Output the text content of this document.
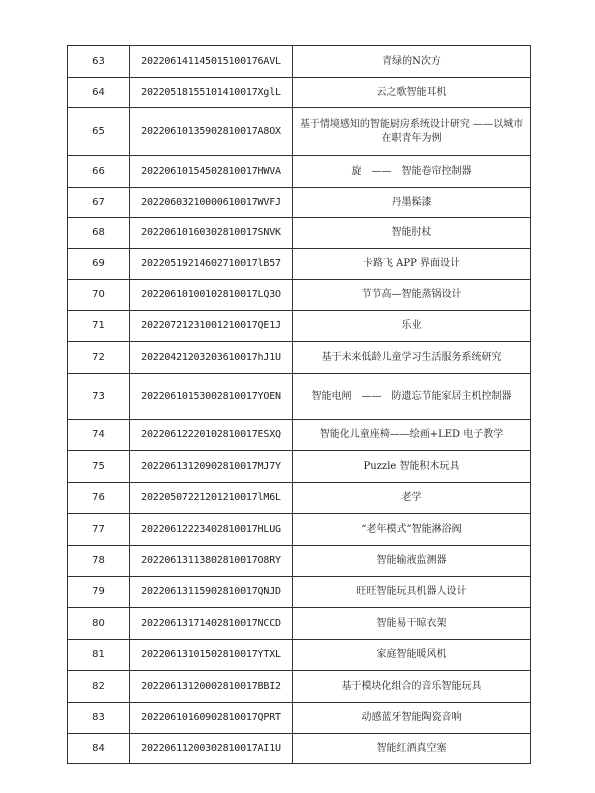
63	20220614114501510017​6AVL	青绿的N次方
64	20220518155101410017XglL	云之歌智能耳机
65	20220610135902810017A8OX	基于情境感知的智能厨房系统设计研究 ——以城市在职青年为例
66	20220610154502810017HWVA	旋　——　智能卷帘控制器
67	20220603210000610017WVFJ	丹墨髹漆
68	20220610160302810017SNVK	智能肘杖
69	20220519214602710017lB57	卡路飞 APP 界面设计
70	20220610100102810017LQ3O	节节高—智能蒸锅设计
71	20220721231001210017QE1J	乐业
72	20220421203203610017hJ1U	基于未来低龄儿童学习生活服务系统研究
73	20220610153002810017YOEN	智能电闸　——　防遗忘节能家居主机控制器
74	20220612220102810017ESXQ	智能化儿童座椅——绘画+LED 电子教学
75	20220613120902810017MJ7Y	Puzzle 智能积木玩具
76	20220507221201210017lM6L	老学
77	20220612223402810017HLUG	“老年模式”智能淋浴阀
78	20220613113802810017O8RY	智能输液监测器
79	20220613115902810017QNJD	旺旺智能玩具机器人设计
80	20220613171402810017NCCD	智能易干晾衣架
81	20220613101502810017YTXL	家庭智能暖风机
82	20220613120002810017BBI2	基于模块化组合的音乐智能玩具
83	20220610160902810017QPRT	动感蓝牙智能陶瓷音响
84	20220611200302810017AI1U	智能红酒真空塞
